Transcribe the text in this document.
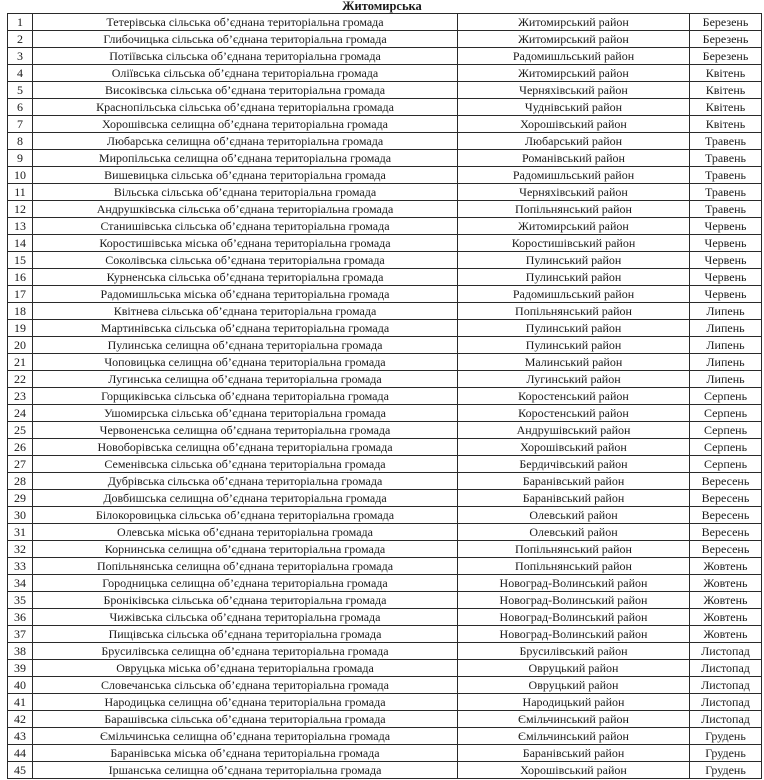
Житомирська
1	Тетерівська сільська об’єднана територіальна громада	Житомирський район	Березень
2	Глибочицька сільська об’єднана територіальна громада	Житомирський район	Березень
3	Потіївська сільська об’єднана територіальна громада	Радомишльський район	Березень
4	Оліївська сільська об’єднана територіальна громада	Житомирський район	Квітень
5	Високівська сільська об’єднана територіальна громада	Черняхівський район	Квітень
6	Краснопільська сільська об’єднана територіальна громада	Чуднівський район	Квітень
7	Хорошівська селищна об’єднана територіальна громада	Хорошівський район	Квітень
8	Любарська селищна об’єднана територіальна громада	Любарський район	Травень
9	Миропільська селищна об’єднана територіальна громада	Романівський район	Травень
10	Вишевицька сільська об’єднана територіальна громада	Радомишльський район	Травень
11	Вільська сільська об’єднана територіальна громада	Черняхівський район	Травень
12	Андрушківська сільська об’єднана територіальна громада	Попільнянський район	Травень
13	Станишівська сільська об’єднана територіальна громада	Житомирський район	Червень
14	Коростишівська міська об’єднана територіальна громада	Коростишівський район	Червень
15	Соколівська сільська об’єднана територіальна громада	Пулинський район	Червень
16	Курненська сільська об’єднана територіальна громада	Пулинський район	Червень
17	Радомишльська міська об’єднана територіальна громада	Радомишльський район	Червень
18	Квітнева сільська об’єднана територіальна громада	Попільнянський район	Липень
19	Мартинівська сільська об’єднана територіальна громада	Пулинський район	Липень
20	Пулинська селищна об’єднана територіальна громада	Пулинський район	Липень
21	Чоповицька селищна об’єднана територіальна громада	Малинський район	Липень
22	Лугинська селищна об’єднана територіальна громада	Лугинський район	Липень
23	Горщиківська сільська об’єднана територіальна громада	Коростенський район	Серпень
24	Ушомирська сільська об’єднана територіальна громада	Коростенський район	Серпень
25	Червоненська селищна об’єднана територіальна громада	Андрушівський район	Серпень
26	Новоборівська селищна об’єднана територіальна громада	Хорошівський район	Серпень
27	Семенівська сільська об’єднана територіальна громада	Бердичівський район	Серпень
28	Дубрівська сільська об’єднана територіальна громада	Баранівський район	Вересень
29	Довбишська селищна об’єднана територіальна громада	Баранівський район	Вересень
30	Білокоровицька сільська об’єднана територіальна громада	Олевський район	Вересень
31	Олевська міська об’єднана територіальна громада	Олевський район	Вересень
32	Корнинська селищна об’єднана територіальна громада	Попільнянський район	Вересень
33	Попільнянська селищна об’єднана територіальна громада	Попільнянський район	Жовтень
34	Городницька селищна об’єднана територіальна громада	Новоград-Волинський район	Жовтень
35	Броніківська сільська об’єднана територіальна громада	Новоград-Волинський район	Жовтень
36	Чижівська сільська об’єднана територіальна громада	Новоград-Волинський район	Жовтень
37	Пищівська сільська об’єднана територіальна громада	Новоград-Волинський район	Жовтень
38	Брусилівська селищна об’єднана територіальна громада	Брусилівський район	Листопад
39	Овруцька міська об’єднана територіальна громада	Овруцький район	Листопад
40	Словечанська сільська об’єднана територіальна громада	Овруцький район	Листопад
41	Народицька селищна об’єднана територіальна громада	Народицький район	Листопад
42	Барашівська сільська об’єднана територіальна громада	Ємільчинський район	Листопад
43	Ємільчинська селищна об’єднана територіальна громада	Ємільчинський район	Грудень
44	Баранівська міська об’єднана територіальна громада	Баранівський район	Грудень
45	Іршанська селищна об’єднана територіальна громада	Хорошівський район	Грудень
